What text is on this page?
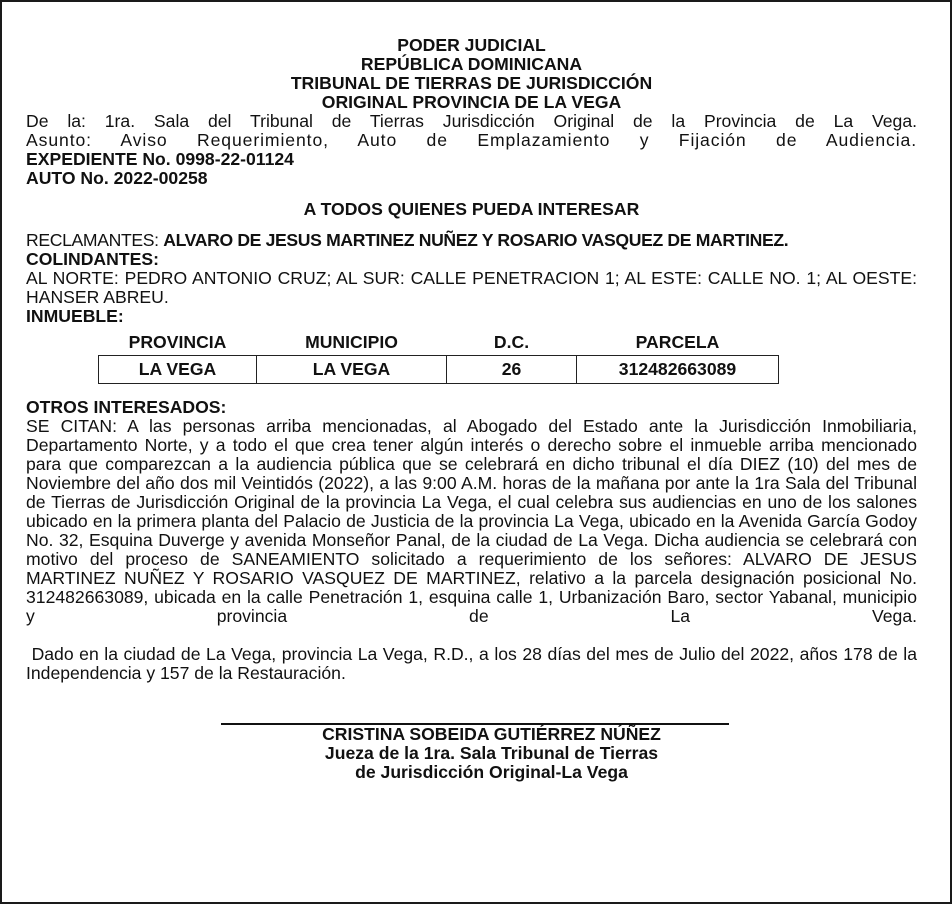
PODER JUDICIAL
REPÚBLICA DOMINICANA
TRIBUNAL DE TIERRAS DE JURISDICCIÓN
ORIGINAL PROVINCIA DE LA VEGA
De la: 1ra. Sala del Tribunal de Tierras Jurisdicción Original de la Provincia de La Vega.
Asunto: Aviso Requerimiento, Auto de Emplazamiento y Fijación de Audiencia.
EXPEDIENTE No. 0998-22-01124
AUTO No. 2022-00258
A TODOS QUIENES PUEDA INTERESAR
RECLAMANTES: ALVARO DE JESUS MARTINEZ NUÑEZ Y ROSARIO VASQUEZ DE MARTINEZ.
COLINDANTES:
AL NORTE: PEDRO ANTONIO CRUZ; AL SUR: CALLE PENETRACION 1; AL ESTE: CALLE NO. 1; AL OESTE: HANSER ABREU.
INMUEBLE:
PROVINCIA	MUNICIPIO	D.C.	PARCELA
LA VEGA	LA VEGA	26	312482663089
OTROS INTERESADOS:
SE CITAN: A las personas arriba mencionadas, al Abogado del Estado ante la Jurisdicción Inmobiliaria, Departamento Norte, y a todo el que crea tener algún interés o derecho sobre el inmueble arriba mencionado para que comparezcan a la audiencia pública que se celebrará en dicho tribunal el día DIEZ (10) del mes de Noviembre del año dos mil Veintidós (2022), a las 9:00 A.M. horas de la mañana por ante la 1ra Sala del Tribunal de Tierras de Jurisdicción Original de la provincia La Vega, el cual celebra sus audiencias en uno de los salones ubicado en la primera planta del Palacio de Justicia de la provincia La Vega, ubicado en la Avenida García Godoy No. 32, Esquina Duverge y avenida Monseñor Panal, de la ciudad de La Vega. Dicha audiencia se celebrará con motivo del proceso de SANEAMIENTO solicitado a requerimiento de los señores: ALVARO DE JESUS MARTINEZ NUÑEZ Y ROSARIO VASQUEZ DE MARTINEZ, relativo a la parcela designación posicional No. 312482663089, ubicada en la calle Penetración 1, esquina calle 1, Urbanización Baro, sector Yabanal, municipio y provincia de La Vega.
Dado en la ciudad de La Vega, provincia La Vega, R.D., a los 28 días del mes de Julio del 2022, años 178 de la Independencia y 157 de la Restauración.
CRISTINA SOBEIDA GUTIÉRREZ NÚÑEZ
Jueza de la 1ra. Sala Tribunal de Tierras
de Jurisdicción Original-La Vega
